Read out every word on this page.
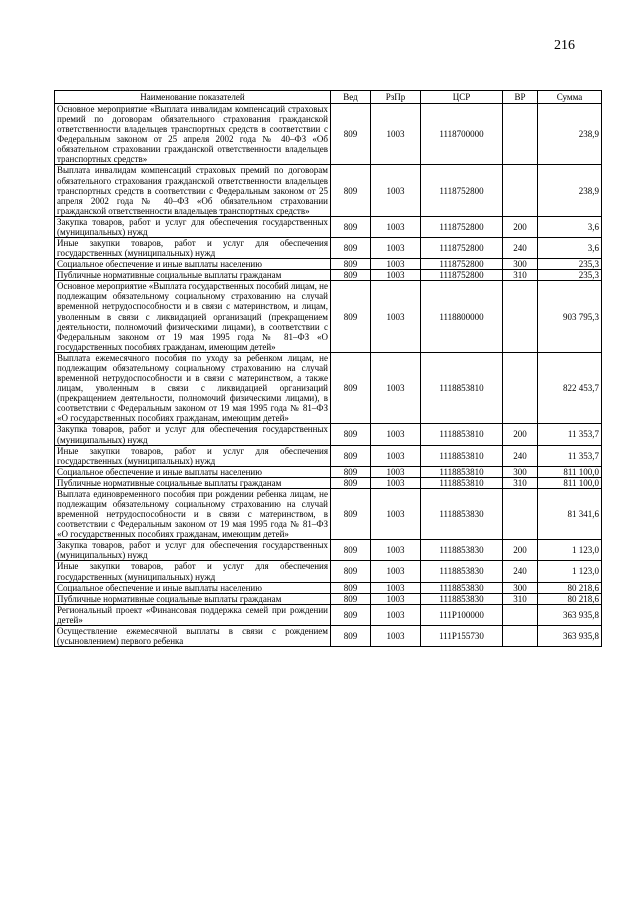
216
Наименование показателей	Вед	РзПр	ЦСР	ВР	Сумма
Основное мероприятие «Выплата инвалидам компенсаций страховых премий по договорам обязательного страхования гражданской ответственности владельцев транспортных средств в соответствии с Федеральным законом от 25 апреля 2002 года № 40–ФЗ «Об обязательном страховании гражданской ответственности владельцев транспортных средств»	809	1003	1118700000		238,9
Выплата инвалидам компенсаций страховых премий по договорам обязательного страхования гражданской ответственности владельцев транспортных средств в соответствии с Федеральным законом от 25 апреля 2002 года № 40–ФЗ «Об обязательном страховании гражданской ответственности владельцев транспортных средств»	809	1003	1118752800		238,9
Закупка товаров, работ и услуг для обеспечения государственных (муниципальных) нужд	809	1003	1118752800	200	3,6
Иные закупки товаров, работ и услуг для обеспечения государственных (муниципальных) нужд	809	1003	1118752800	240	3,6
Социальное обеспечение и иные выплаты населению	809	1003	1118752800	300	235,3
Публичные нормативные социальные выплаты гражданам	809	1003	1118752800	310	235,3
Основное мероприятие «Выплата государственных пособий лицам, не подлежащим обязательному социальному страхованию на случай временной нетрудоспособности и в связи с материнством, и лицам, уволенным в связи с ликвидацией организаций (прекращением деятельности, полномочий физическими лицами), в соответствии с Федеральным законом от 19 мая 1995 года № 81–ФЗ «О государственных пособиях гражданам, имеющим детей»	809	1003	1118800000		903 795,3
Выплата ежемесячного пособия по уходу за ребенком лицам, не подлежащим обязательному социальному страхованию на случай временной нетрудоспособности и в связи с материнством, а также лицам, уволенным в связи с ликвидацией организаций (прекращением деятельности, полномочий физическими лицами), в соответствии с Федеральным законом от 19 мая 1995 года № 81–ФЗ «О государственных пособиях гражданам, имеющим детей»	809	1003	1118853810		822 453,7
Закупка товаров, работ и услуг для обеспечения государственных (муниципальных) нужд	809	1003	1118853810	200	11 353,7
Иные закупки товаров, работ и услуг для обеспечения государственных (муниципальных) нужд	809	1003	1118853810	240	11 353,7
Социальное обеспечение и иные выплаты населению	809	1003	1118853810	300	811 100,0
Публичные нормативные социальные выплаты гражданам	809	1003	1118853810	310	811 100,0
Выплата единовременного пособия при рождении ребенка лицам, не подлежащим обязательному социальному страхованию на случай временной нетрудоспособности и в связи с материнством, в соответствии с Федеральным законом от 19 мая 1995 года № 81–ФЗ «О государственных пособиях гражданам, имеющим детей»	809	1003	1118853830		81 341,6
Закупка товаров, работ и услуг для обеспечения государственных (муниципальных) нужд	809	1003	1118853830	200	1 123,0
Иные закупки товаров, работ и услуг для обеспечения государственных (муниципальных) нужд	809	1003	1118853830	240	1 123,0
Социальное обеспечение и иные выплаты населению	809	1003	1118853830	300	80 218,6
Публичные нормативные социальные выплаты гражданам	809	1003	1118853830	310	80 218,6
Региональный проект «Финансовая поддержка семей при рождении детей»	809	1003	111P100000		363 935,8
Осуществление ежемесячной выплаты в связи с рождением (усыновлением) первого ребенка	809	1003	111P155730		363 935,8
